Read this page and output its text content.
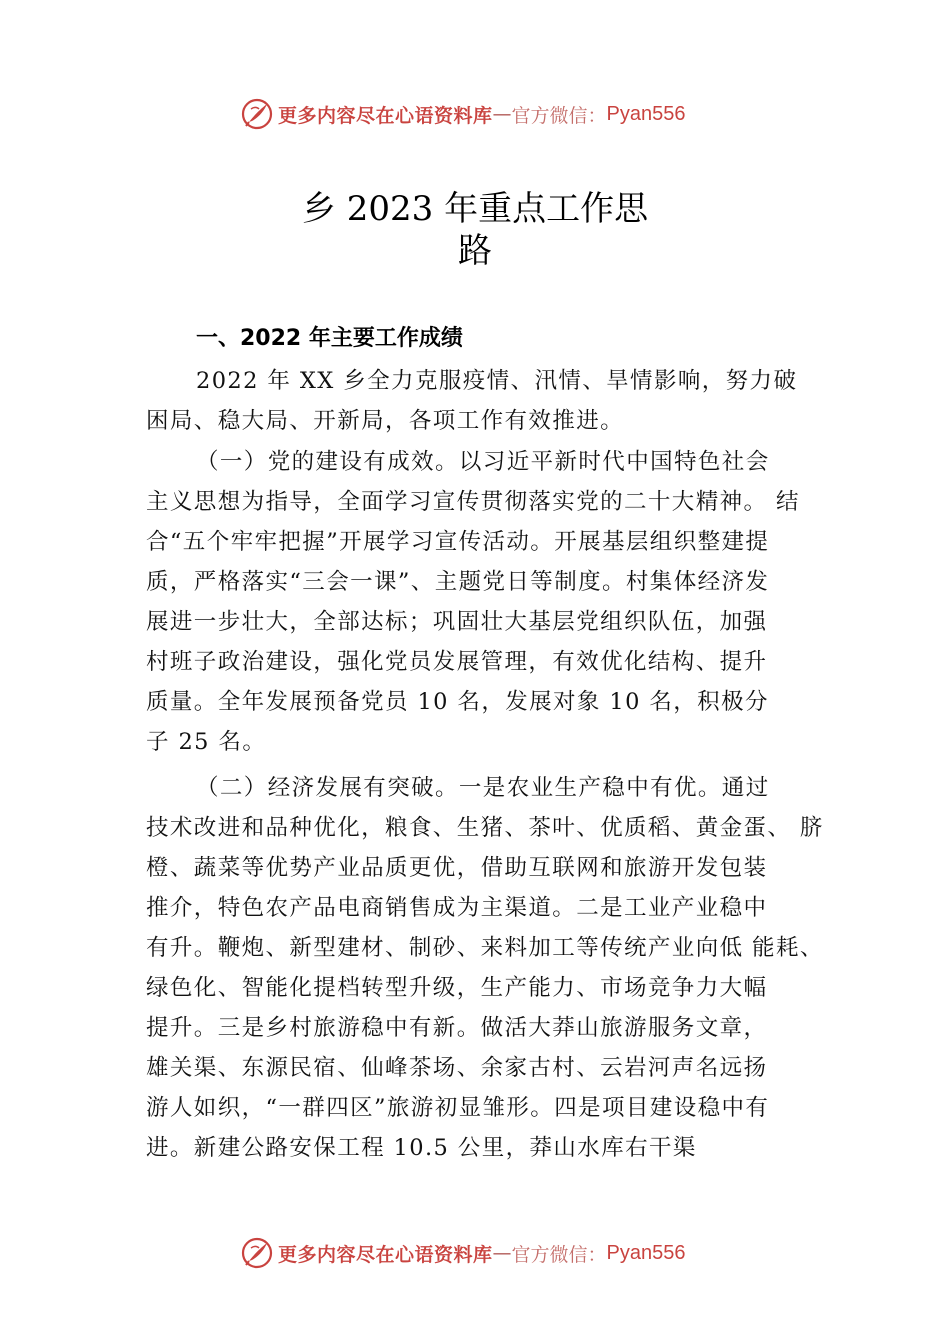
更多内容尽在心语资料库 — 官方微信： Pyan556
乡 2023 年重点工作思
路
一、2022 年主要工作成绩
2022 年 XX 乡全力克服疫情、汛情、旱情影响，努力破
困局、稳大局、开新局，各项工作有效推进。
（一）党的建设有成效。以习近平新时代中国特色社会
主义思想为指导，全面学习宣传贯彻落实党的二十大精神。 结
合“五个牢牢把握”开展学习宣传活动。开展基层组织整建提
质，严格落实“三会一课”、主题党日等制度。村集体经济发
展进一步壮大，全部达标；巩固壮大基层党组织队伍，加强
村班子政治建设，强化党员发展管理，有效优化结构、提升
质量。全年发展预备党员 10 名，发展对象 10 名，积极分
子 25 名。
（二）经济发展有突破。一是农业生产稳中有优。通过
技术改进和品种优化，粮食、生猪、茶叶、优质稻、黄金蛋、 脐
橙、蔬菜等优势产业品质更优，借助互联网和旅游开发包装
推介，特色农产品电商销售成为主渠道。二是工业产业稳中
有升。鞭炮、新型建材、制砂、来料加工等传统产业向低 能耗、
绿色化、智能化提档转型升级，生产能力、市场竞争力大幅
提升。三是乡村旅游稳中有新。做活大莽山旅游服务文章，
雄关渠、东源民宿、仙峰茶场、余家古村、云岩河声名远扬
游人如织，“一群四区”旅游初显雏形。四是项目建设稳中有
进。新建公路安保工程 10.5 公里，莽山水库右干渠
更多内容尽在心语资料库 — 官方微信： Pyan556
